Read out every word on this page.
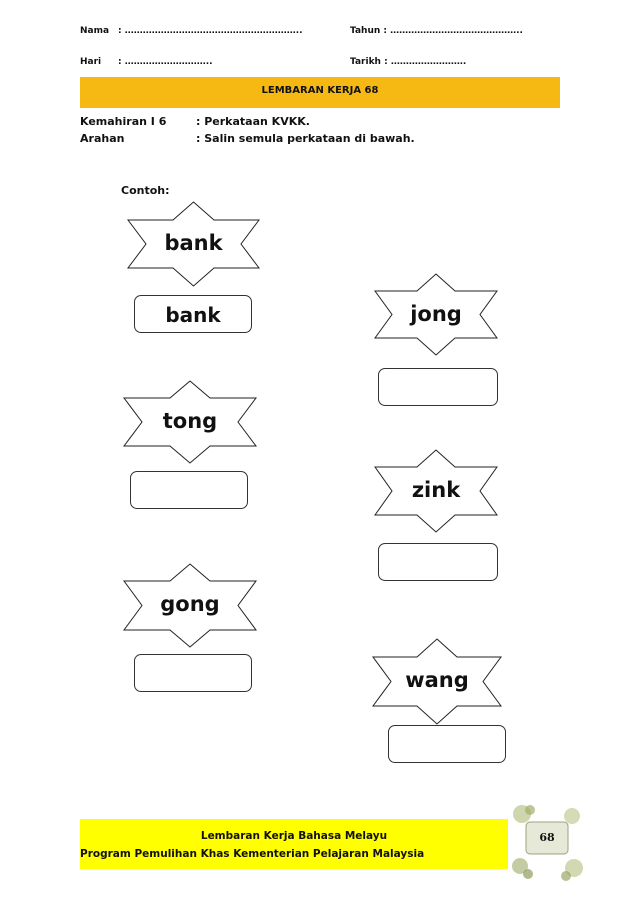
Nama : …………………………………………………..	Tahun : ……………………………………..
Hari : ………………………..	Tarikh : …………………….
LEMBARAN KERJA 68
Kemahiran I 6	: Perkataan KVKK.
Arahan	: Salin semula perkataan di bawah.
Contoh:
bank
jong
tong
zink
gong
wang
bank
Lembaran Kerja Bahasa Melayu
Program Pemulihan Khas Kementerian Pelajaran Malaysia
68
